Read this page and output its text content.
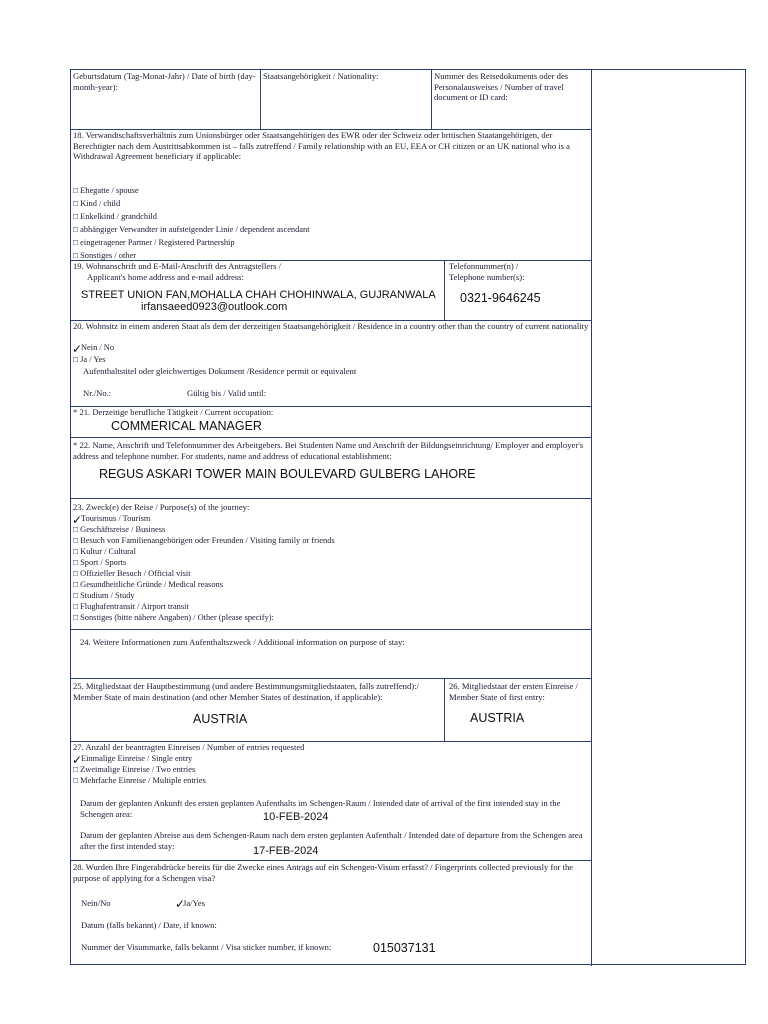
Geburtsdatum (Tag-Monat-Jahr) / Date of birth (day-month-year):
Staatsangehörigkeit / Nationality:	Nummer des Reisedokuments oder des Personalausweises / Number of travel document or ID card:
18. Verwandtschaftsverhältnis zum Unionsbürger oder Staatsangehörigen des EWR oder der Schweiz oder britischen Staatangehörigen, der Berechtigter nach dem Austrittsabkommen ist – falls zutreffend / Family relationship with an EU, EEA or CH citizen or an UK national who is a Withdrawal Agreement beneficiary if applicable:
□ Ehegatte / spouse
□ Kind / child
□ Enkelkind / grandchild
□ abhängiger Verwandter in aufsteigender Linie / dependent ascendant
□ eingetragener Partner / Registered Partnership
□ Sonstiges / other
19. Wohnanschrift und E-Mail-Anschrift des Antragstellers /
Applicant's home address and e-mail address:
STREET UNION FAN,MOHALLA CHAH CHOHINWALA, GUJRANWALA
irfansaeed0923@outlook.com
Telefonnummer(n) /
Telephone number(s):
0321-9646245
20. Wohnsitz in einem anderen Staat als dem der derzeitigen Staatsangehörigkeit / Residence in a country other than the country of current nationality
✓
Nein / No
□ Ja / Yes
Aufenthaltstitel oder gleichwertiges Dokument /Residence permit or equivalent
Nr./No.:	Gültig bis / Valid until:
* 21. Derzeitige berufliche Tätigkeit / Current occupation:
COMMERICAL MANAGER
* 22. Name, Anschrift und Telefonnummer des Arbeitgebers. Bei Studenten Name und Anschrift der Bildungseinrichtung/ Employer and employer's address and telephone number. For students, name and address of educational establishment:
REGUS ASKARI TOWER MAIN BOULEVARD GULBERG LAHORE
23. Zweck(e) der Reise / Purpose(s) of the journey:
✓
Tourismus / Tourism
□ Geschäftsreise / Business
□ Besuch von Familienangehörigen oder Freunden / Visiting family or friends
□ Kultur / Cultural
□ Sport / Sports
□ Offizieller Besuch / Official visit
□ Gesundheitliche Gründe / Medical reasons
□ Studium / Study
□ Flughafentransit / Airport transit
□ Sonstiges (bitte nähere Angaben) / Other (please specify):
24. Weitere Informationen zum Aufenthaltszweck / Additional information on purpose of stay:
25. Mitgliedstaat der Hauptbestimmung (und andere Bestimmungsmitgliedstaaten, falls zutreffend):/ Member State of main destination (and other Member States of destination, if applicable):
AUSTRIA
26. Mitgliedstaat der ersten Einreise / Member State of first entry:
AUSTRIA
27. Anzahl der beantragten Einreisen / Number of entries requested
✓
Einmalige Einreise / Single entry
□ Zweimalige Einreise / Two entries
□ Mehrfache Einreise / Multiple entries
Datum der geplanten Ankunft des ersten geplanten Aufenthalts im Schengen-Raum / Intended date of arrival of the first intended stay in the Schengen area:	10-FEB-2024
Datum der geplanten Abreise aus dem Schengen-Raum nach dem ersten geplanten Aufenthalt / Intended date of departure from the Schengen area after the first intended stay:	17-FEB-2024
28. Wurden Ihre Fingerabdrücke bereits für die Zwecke eines Antrags auf ein Schengen-Visum erfasst? / Fingerprints collected previously for the purpose of applying for a Schengen visa?
Nein/No	✓
Ja/Yes
Datum (falls bekannt) / Date, if known:
Nummer der Visummarke, falls bekannt / Visa sticker number, if known:	015037131
